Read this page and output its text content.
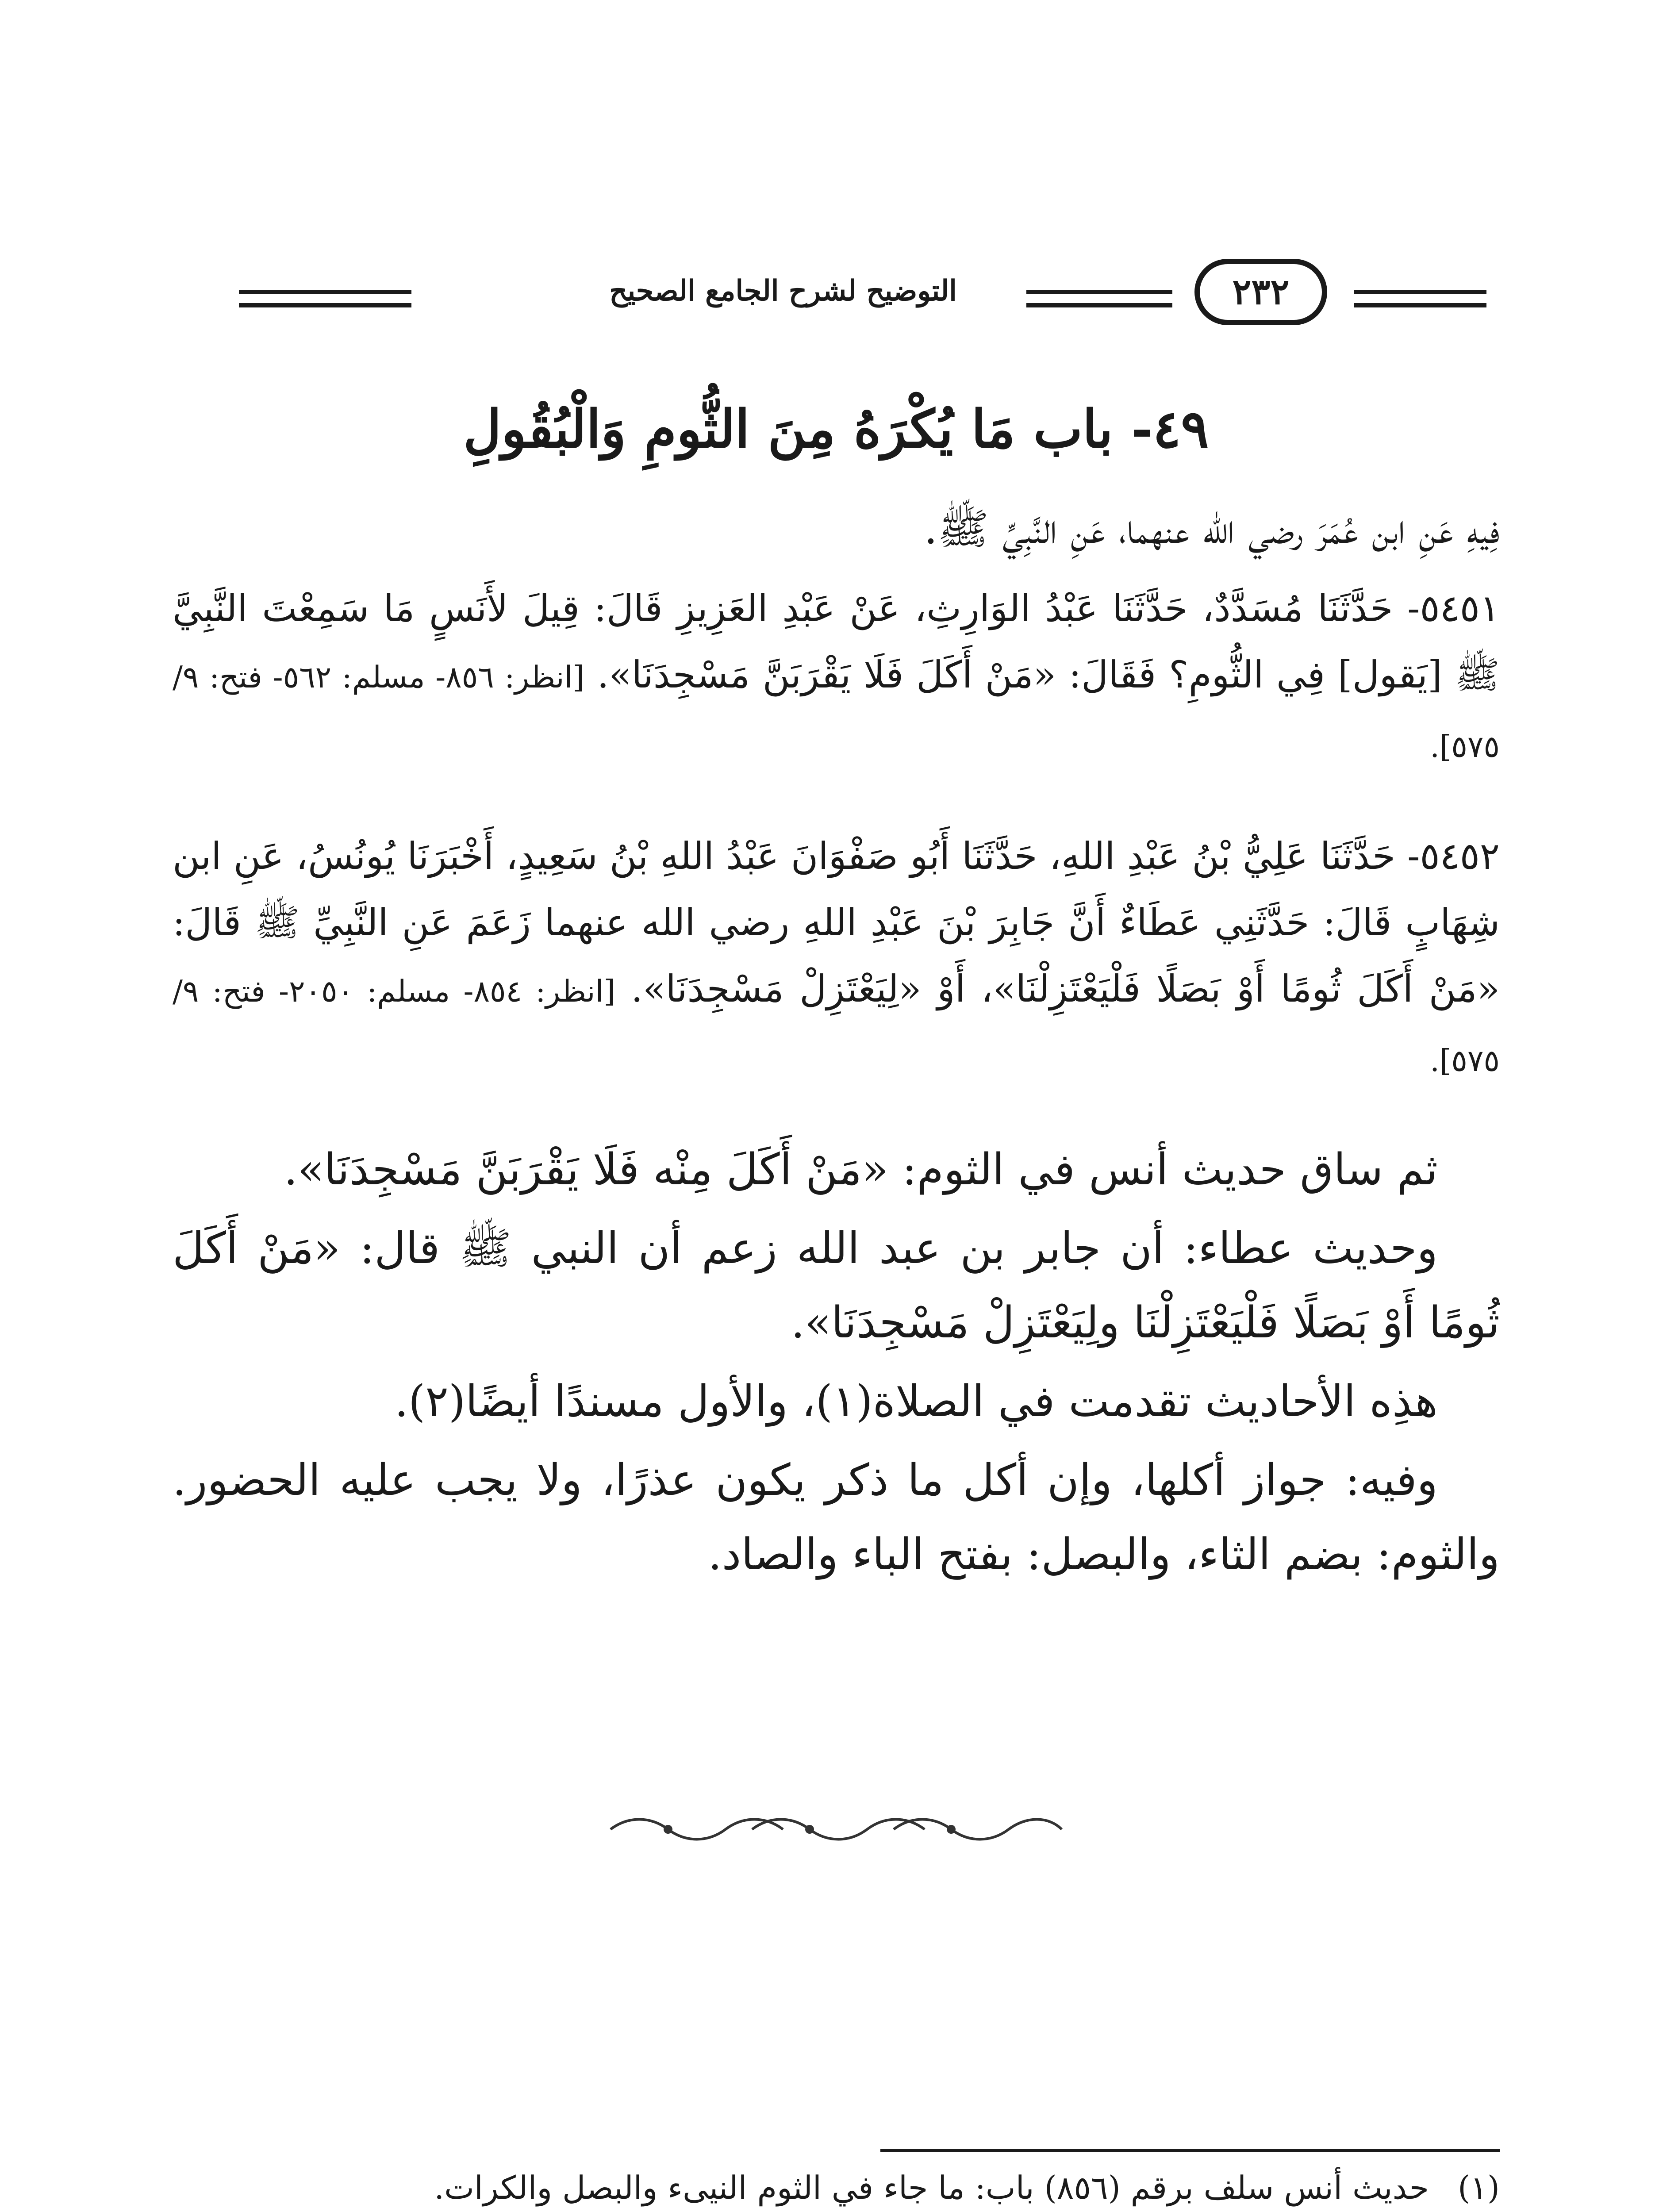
التوضيح لشرح الجامع الصحيح	٢٣٢
٤٩- باب مَا يُكْرَهُ مِنَ الثُّومِ وَالْبُقُولِ
فِيهِ عَنِ ابن عُمَرَ رضي الله عنهما، عَنِ النَّبِيِّ ﷺ.
٥٤٥١- حَدَّثَنَا مُسَدَّدٌ، حَدَّثَنَا عَبْدُ الوَارِثِ، عَنْ عَبْدِ العَزِيزِ قَالَ: قِيلَ لأَنَسٍ مَا سَمِعْتَ النَّبِيَّ ﷺ [يَقول] فِي الثُّومِ؟ فَقَالَ: «مَنْ أَكَلَ فَلَا يَقْرَبَنَّ مَسْجِدَنَا». [انظر: ٨٥٦- مسلم: ٥٦٢- فتح: ٩/ ٥٧٥].
٥٤٥٢- حَدَّثَنَا عَلِيُّ بْنُ عَبْدِ اللهِ، حَدَّثَنَا أَبُو صَفْوَانَ عَبْدُ اللهِ بْنُ سَعِيدٍ، أَخْبَرَنَا يُونُسُ، عَنِ ابن شِهَابٍ قَالَ: حَدَّثَنِي عَطَاءٌ أَنَّ جَابِرَ بْنَ عَبْدِ اللهِ رضي الله عنهما زَعَمَ عَنِ النَّبِيِّ ﷺ قَالَ: «مَنْ أَكَلَ ثُومًا أَوْ بَصَلًا فَلْيَعْتَزِلْنَا»، أَوْ «لِيَعْتَزِلْ مَسْجِدَنَا». [انظر: ٨٥٤- مسلم: ٢٠٥٠- فتح: ٩/ ٥٧٥].

ثم ساق حديث أنس في الثوم: «مَنْ أَكَلَ مِنْه فَلَا يَقْرَبَنَّ مَسْجِدَنَا».

وحديث عطاء: أن جابر بن عبد الله زعم أن النبي ﷺ قال: «مَنْ أَكَلَ ثُومًا أَوْ بَصَلًا فَلْيَعْتَزِلْنَا ولِيَعْتَزِلْ مَسْجِدَنَا».

هذِه الأحاديث تقدمت في الصلاة(١)، والأول مسندًا أيضًا(٢).

وفيه: جواز أكلها، وإن أكل ما ذكر يكون عذرًا، ولا يجب عليه الحضور. والثوم: بضم الثاء، والبصل: بفتح الباء والصاد.

(١)
حديث أنس سلف برقم (٨٥٦) باب: ما جاء في الثوم النيىء والبصل والكرات.
